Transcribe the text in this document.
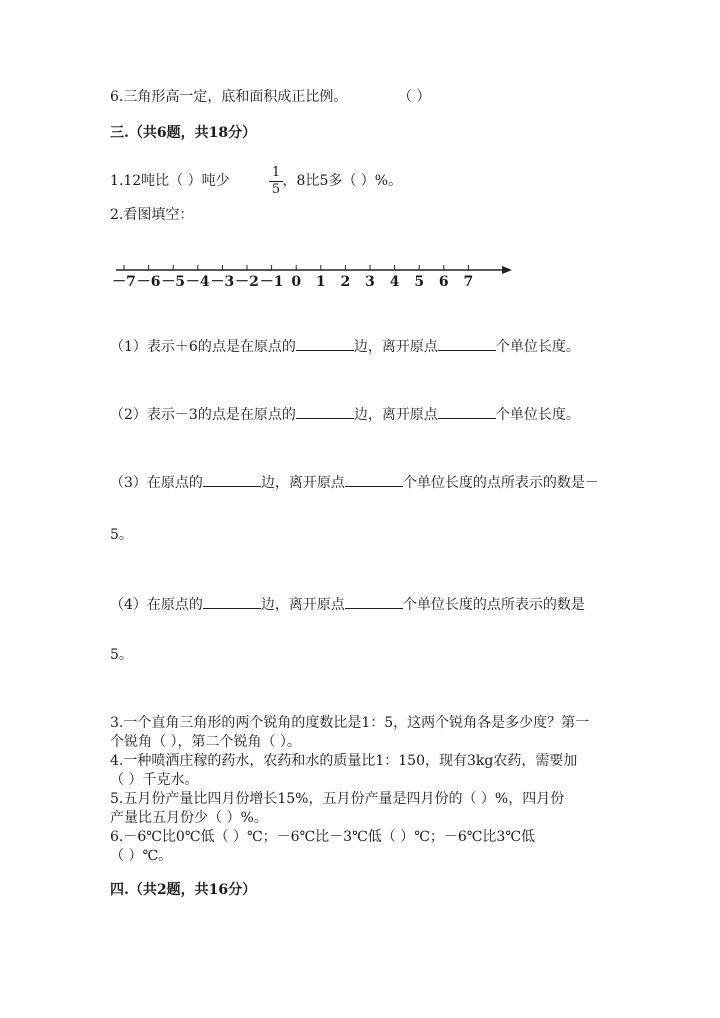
6.三角形高一定，底和面积成正比例。	（ ）
三.（共6题，共18分）
1.12吨比（ ）吨少	，8比5多（ ）%。
1
5
2.看图填空：
－7 －6 －5 －4 －3 －2 －1 0 1 2 3 4 5 6 7
（1）表示＋6的点是在原点的	边，离开原点	个单位长度。
（2）表示－3的点是在原点的	边，离开原点	个单位长度。
（3）在原点的	边，离开原点	个单位长度的点所表示的数是－
5。
（4）在原点的	边，离开原点	个单位长度的点所表示的数是
5。
3.一个直角三角形的两个锐角的度数比是1：5，这两个锐角各是多少度？第一
个锐角（ ），第二个锐角（ ）。
4.一种喷洒庄稼的药水，农药和水的质量比1：150，现有3kg农药，需要加
（ ）千克水。
5.五月份产量比四月份增长15%，五月份产量是四月份的（ ）%，四月份
产量比五月份少（ ）%。
6.－6℃比0℃低（ ）℃；－6℃比－3℃低（ ）℃；－6℃比3℃低
（ ）℃。
四.（共2题，共16分）
